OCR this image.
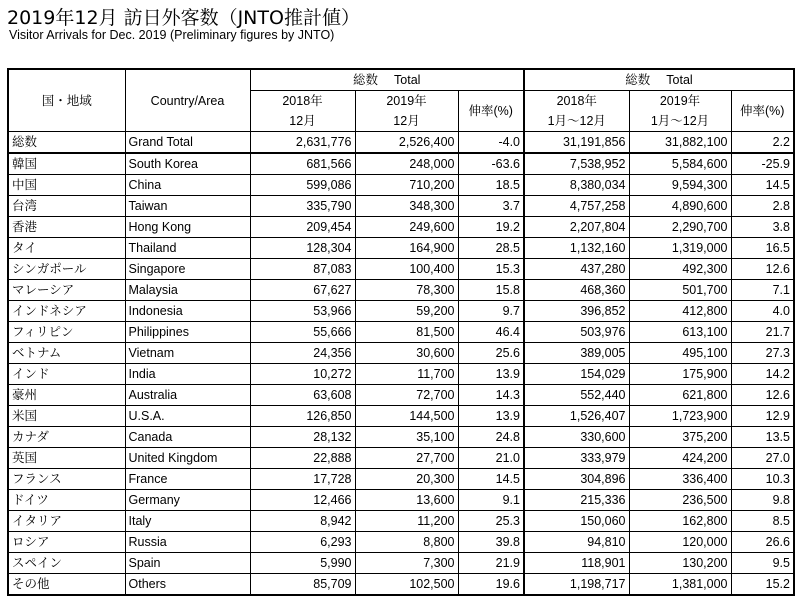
2019年12月 訪日外客数（JNTO推計値）
Visitor Arrivals for Dec. 2019 (Preliminary figures by JNTO)
国・地域	Country/Area	総数　 Total			総数　 Total		
		2018年	2019年	伸率(%)	2018年	2019年	伸率(%)
		12月	12月		1月～12月	1月～12月	
総数	Grand Total	2,631,776	2,526,400	-4.0	31,191,856	31,882,100	2.2
韓国	South Korea	681,566	248,000	-63.6	7,538,952	5,584,600	-25.9
中国	China	599,086	710,200	18.5	8,380,034	9,594,300	14.5
台湾	Taiwan	335,790	348,300	3.7	4,757,258	4,890,600	2.8
香港	Hong Kong	209,454	249,600	19.2	2,207,804	2,290,700	3.8
タイ	Thailand	128,304	164,900	28.5	1,132,160	1,319,000	16.5
シンガポール	Singapore	87,083	100,400	15.3	437,280	492,300	12.6
マレーシア	Malaysia	67,627	78,300	15.8	468,360	501,700	7.1
インドネシア	Indonesia	53,966	59,200	9.7	396,852	412,800	4.0
フィリピン	Philippines	55,666	81,500	46.4	503,976	613,100	21.7
ベトナム	Vietnam	24,356	30,600	25.6	389,005	495,100	27.3
インド	India	10,272	11,700	13.9	154,029	175,900	14.2
豪州	Australia	63,608	72,700	14.3	552,440	621,800	12.6
米国	U.S.A.	126,850	144,500	13.9	1,526,407	1,723,900	12.9
カナダ	Canada	28,132	35,100	24.8	330,600	375,200	13.5
英国	United Kingdom	22,888	27,700	21.0	333,979	424,200	27.0
フランス	France	17,728	20,300	14.5	304,896	336,400	10.3
ドイツ	Germany	12,466	13,600	9.1	215,336	236,500	9.8
イタリア	Italy	8,942	11,200	25.3	150,060	162,800	8.5
ロシア	Russia	6,293	8,800	39.8	94,810	120,000	26.6
スペイン	Spain	5,990	7,300	21.9	118,901	130,200	9.5
その他	Others	85,709	102,500	19.6	1,198,717	1,381,000	15.2
